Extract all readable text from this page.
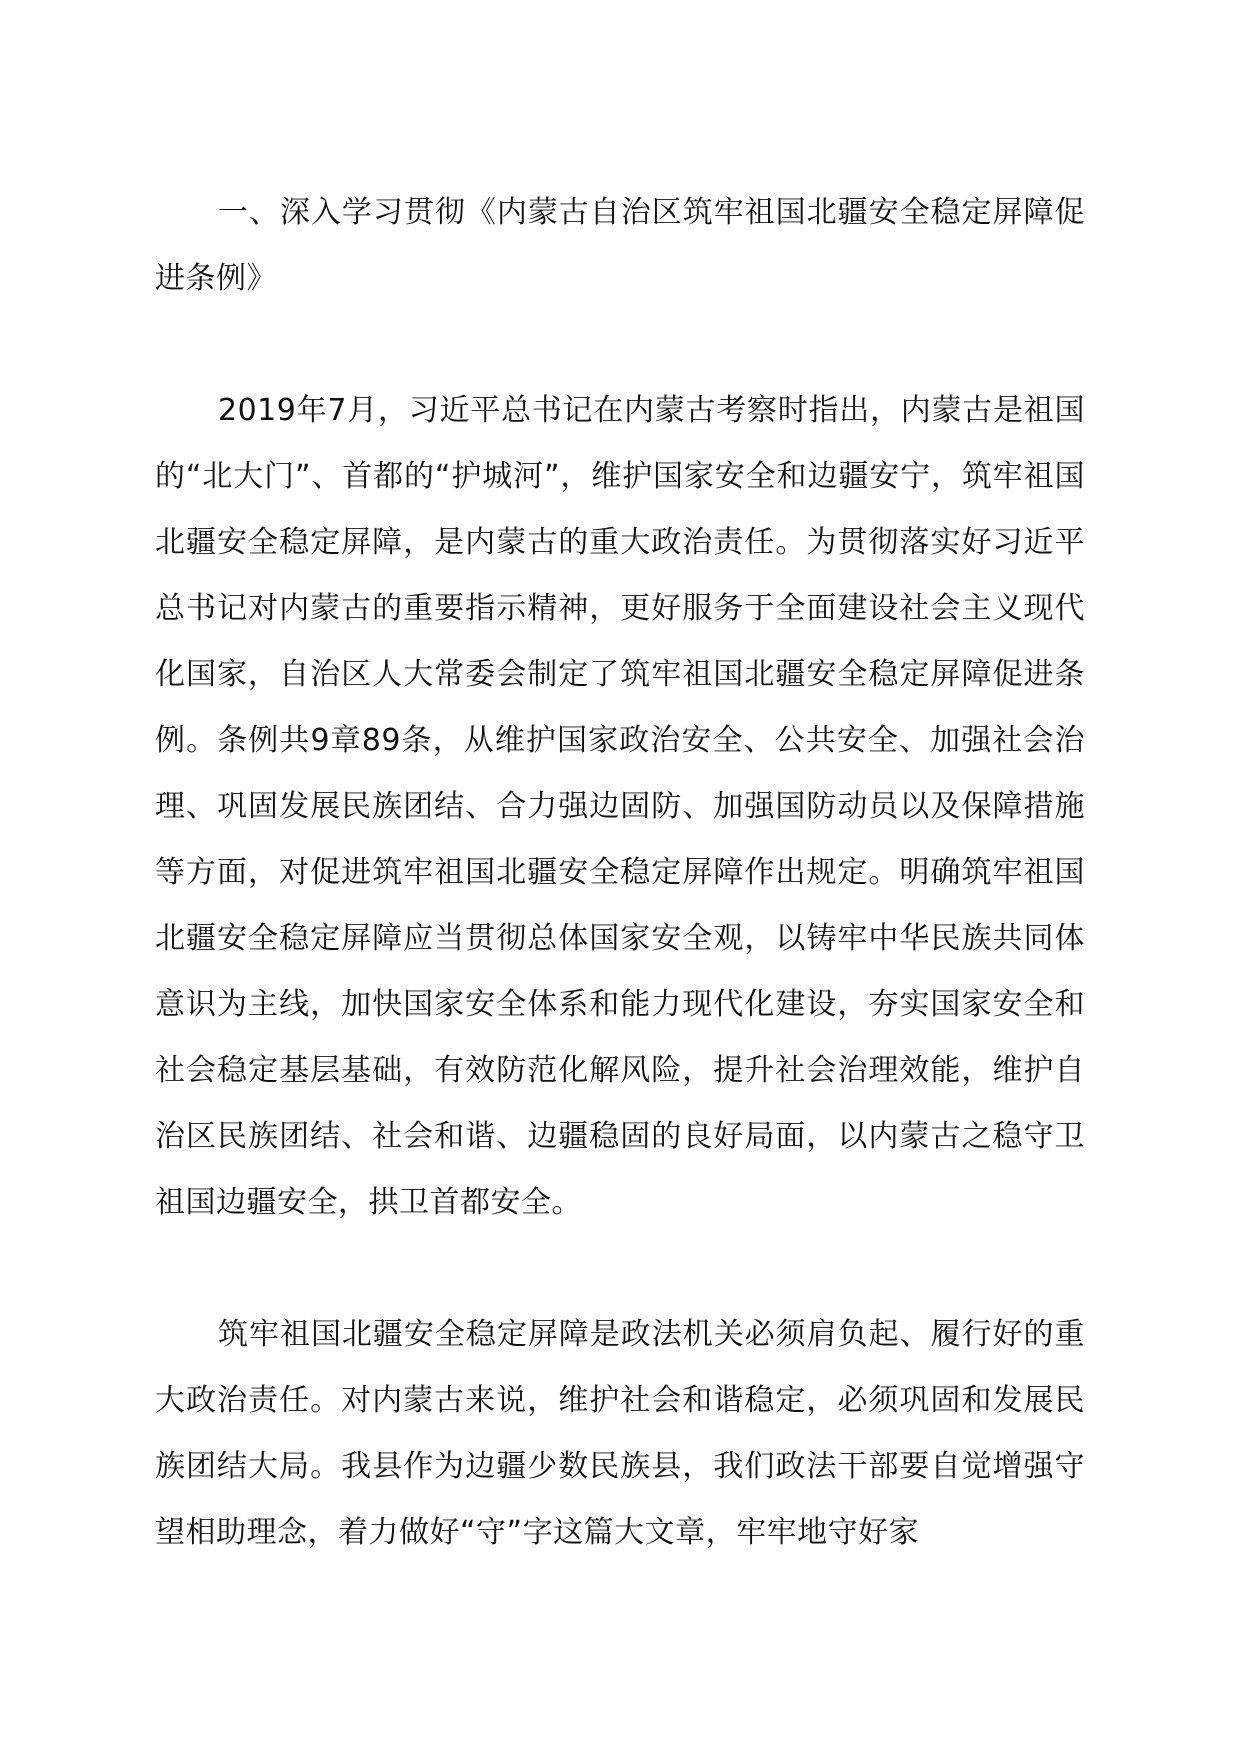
一、深入学习贯彻《内蒙古自治区筑牢祖国北疆安全稳定屏障促进条例》

2019年7月，习近平总书记在内蒙古考察时指出，内蒙古是祖国的“北大门”、首都的“护城河”，维护国家安全和边疆安宁，筑牢祖国北疆安全稳定屏障，是内蒙古的重大政治责任。为贯彻落实好习近平总书记对内蒙古的重要指示精神，更好服务于全面建设社会主义现代化国家，自治区人大常委会制定了筑牢祖国北疆安全稳定屏障促进条例。条例共9章89条，从维护国家政治安全、公共安全、加强社会治理、巩固发展民族团结、合力强边固防、加强国防动员以及保障措施等方面，对促进筑牢祖国北疆安全稳定屏障作出规定。明确筑牢祖国北疆安全稳定屏障应当贯彻总体国家安全观，以铸牢中华民族共同体意识为主线，加快国家安全体系和能力现代化建设，夯实国家安全和社会稳定基层基础，有效防范化解风险，提升社会治理效能，维护自治区民族团结、社会和谐、边疆稳固的良好局面，以内蒙古之稳守卫祖国边疆安全，拱卫首都安全。

筑牢祖国北疆安全稳定屏障是政法机关必须肩负起、履行好的重大政治责任。对内蒙古来说，维护社会和谐稳定，必须巩固和发展民族团结大局。我县作为边疆少数民族县，我们政法干部要自觉增强守望相助理念，着力做好“守”字这篇大文章，牢牢地守好家
